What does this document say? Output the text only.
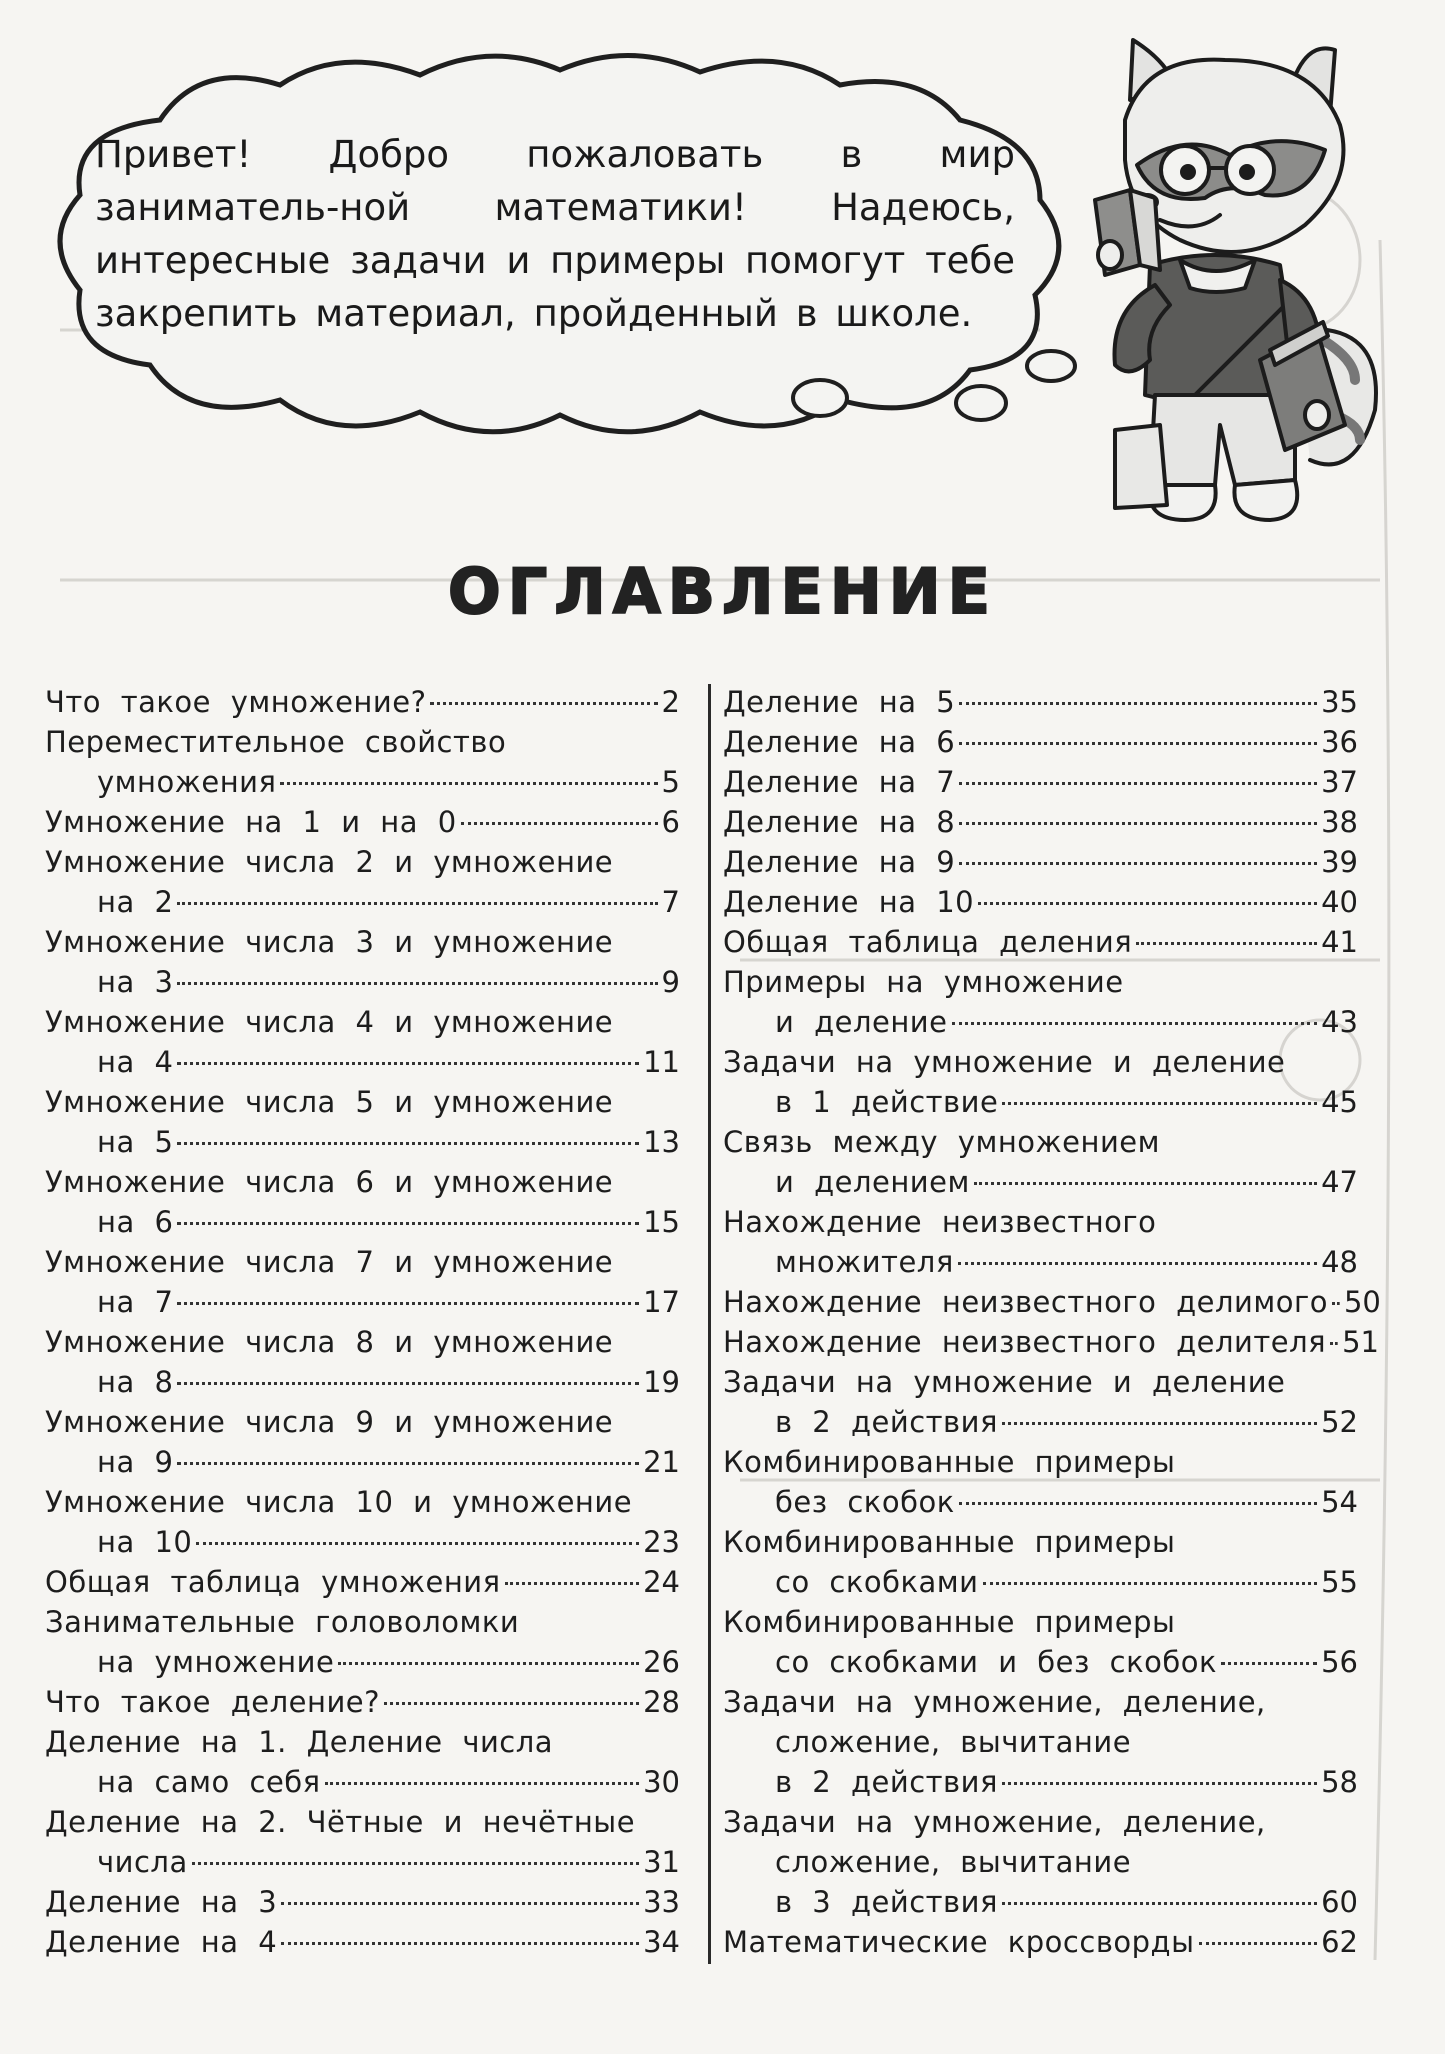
Привет! Добро пожаловать в мир заниматель-ной математики! Надеюсь, интересные задачи и примеры помогут тебе закрепить материал, пройденный в школе.
ОГЛАВЛЕНИЕ
Что такое умножение?	2
Переместительное свойство
умножения	5
Умножение на 1 и на 0	6
Умножение числа 2 и умножение
на 2	7
Умножение числа 3 и умножение
на 3	9
Умножение числа 4 и умножение
на 4	11
Умножение числа 5 и умножение
на 5	13
Умножение числа 6 и умножение
на 6	15
Умножение числа 7 и умножение
на 7	17
Умножение числа 8 и умножение
на 8	19
Умножение числа 9 и умножение
на 9	21
Умножение числа 10 и умножение
на 10	23
Общая таблица умножения	24
Занимательные головоломки
на умножение	26
Что такое деление?	28
Деление на 1. Деление числа
на само себя	30
Деление на 2. Чётные и нечётные
числа	31
Деление на 3	33
Деление на 4	34
Деление на 5	35
Деление на 6	36
Деление на 7	37
Деление на 8	38
Деление на 9	39
Деление на 10	40
Общая таблица деления	41
Примеры на умножение
и деление	43
Задачи на умножение и деление
в 1 действие	45
Связь между умножением
и делением	47
Нахождение неизвестного
множителя	48
Нахождение неизвестного делимого 50
Нахождение неизвестного делителя 51
Задачи на умножение и деление
в 2 действия	52
Комбинированные примеры
без скобок	54
Комбинированные примеры
со скобками	55
Комбинированные примеры
со скобками и без скобок	56
Задачи на умножение, деление,
сложение, вычитание
в 2 действия	58
Задачи на умножение, деление,
сложение, вычитание
в 3 действия	60
Математические кроссворды	62
